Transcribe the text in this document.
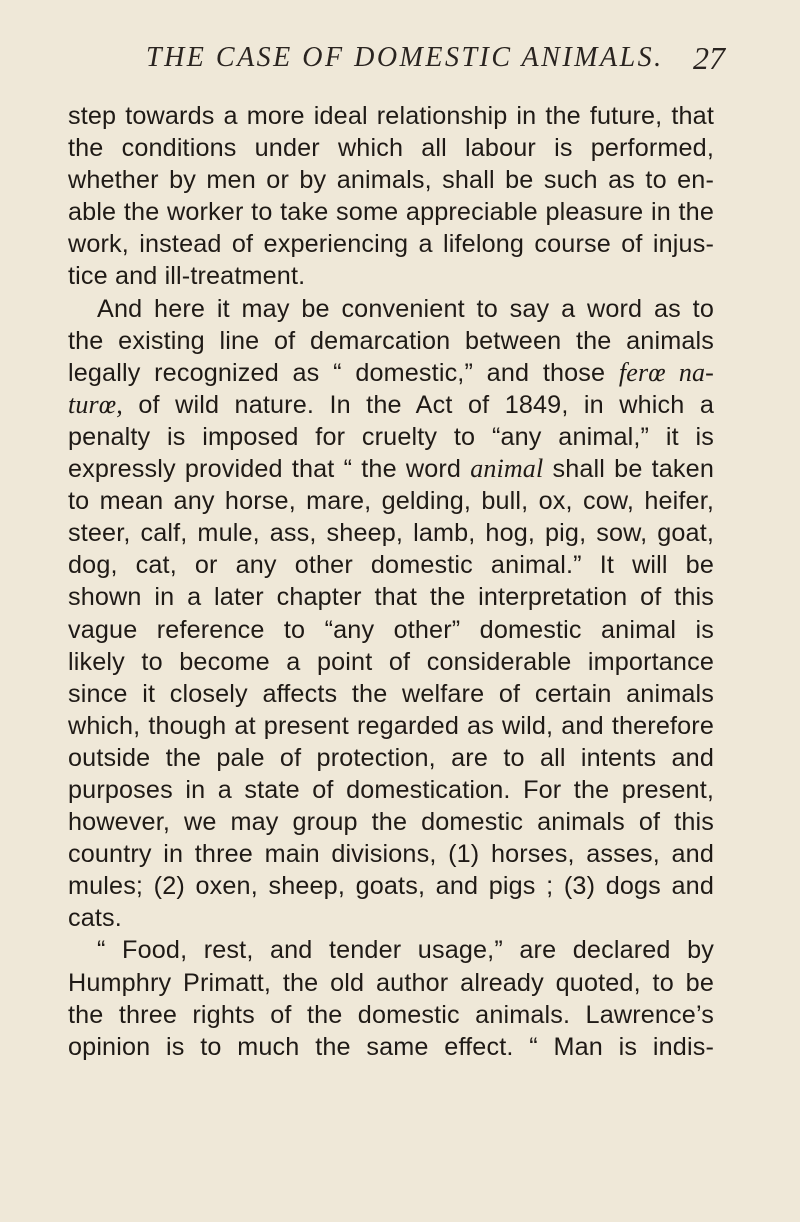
THE CASE OF DOMESTIC ANIMALS. 27
step towards a more ideal relationship in the future, that
the conditions under which all labour is performed,
whether by men or by animals, shall be such as to en-
able the worker to take some appreciable pleasure in the
work, instead of experiencing a lifelong course of injus-
tice and ill-treatment.
And here it may be convenient to say a word as to
the existing line of demarcation between the animals
legally recognized as “ domestic,” and those ferœ na-
turœ, of wild nature. In the Act of 1849, in which a
penalty is imposed for cruelty to “any animal,” it is
expressly provided that “ the word animal shall be taken
to mean any horse, mare, gelding, bull, ox, cow, heifer,
steer, calf, mule, ass, sheep, lamb, hog, pig, sow, goat,
dog, cat, or any other domestic animal.” It will be
shown in a later chapter that the interpretation of this
vague reference to “any other” domestic animal is
likely to become a point of considerable importance
since it closely affects the welfare of certain animals
which, though at present regarded as wild, and therefore
outside the pale of protection, are to all intents and
purposes in a state of domestication. For the present,
however, we may group the domestic animals of this
country in three main divisions, (1) horses, asses, and
mules; (2) oxen, sheep, goats, and pigs ; (3) dogs and
cats.
“ Food, rest, and tender usage,” are declared by
Humphry Primatt, the old author already quoted, to be
the three rights of the domestic animals. Lawrence’s
opinion is to much the same effect. “ Man is indis-
